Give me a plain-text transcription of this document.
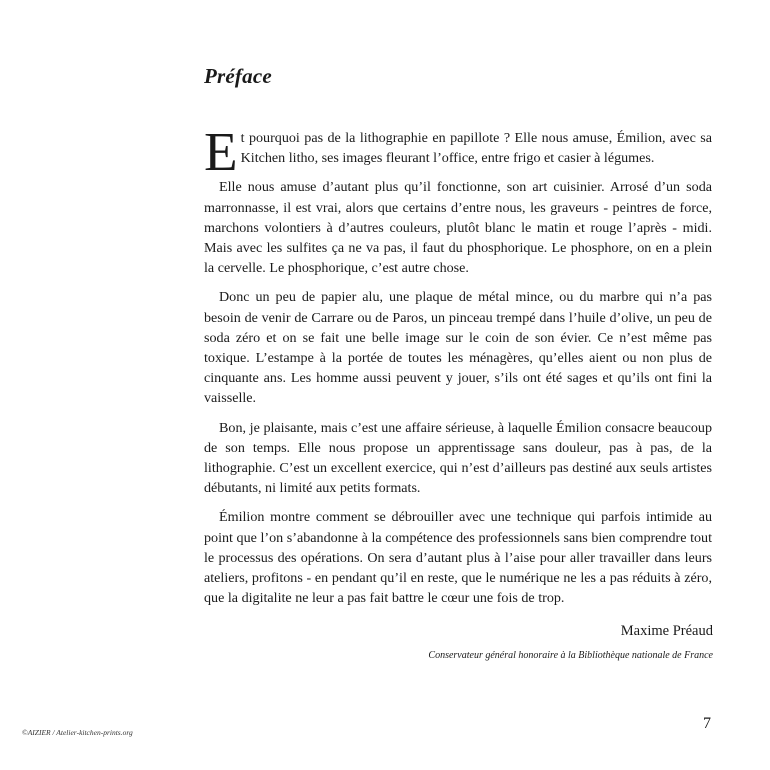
Préface

Et pourquoi pas de la lithographie en papillote ? Elle nous amuse, Émilion, avec sa Kitchen litho, ses images fleurant l’office, entre frigo et casier à légumes.

Elle nous amuse d’autant plus qu’il fonctionne, son art cuisinier. Arrosé d’un soda marronnasse, il est vrai, alors que certains d’entre nous, les graveurs - peintres de force, marchons volontiers à d’autres couleurs, plutôt blanc le matin et rouge l’après - midi. Mais avec les sulfites ça ne va pas, il faut du phosphorique. Le phosphore, on en a plein la cervelle. Le phosphorique, c’est autre chose.

Donc un peu de papier alu, une plaque de métal mince, ou du marbre qui n’a pas besoin de venir de Carrare ou de Paros, un pinceau trempé dans l’huile d’olive, un peu de soda zéro et on se fait une belle image sur le coin de son évier. Ce n’est même pas toxique. L’estampe à la portée de toutes les ménagères, qu’elles aient ou non plus de cinquante ans. Les homme aussi peuvent y jouer, s’ils ont été sages et qu’ils ont fini la vaisselle.

Bon, je plaisante, mais c’est une affaire sérieuse, à laquelle Émilion consacre beaucoup de son temps. Elle nous propose un apprentissage sans douleur, pas à pas, de la lithographie. C’est un excellent exercice, qui n’est d’ailleurs pas destiné aux seuls artistes débutants, ni limité aux petits formats.

Émilion montre comment se débrouiller avec une technique qui parfois intimide au point que l’on s’abandonne à la compétence des professionnels sans bien comprendre tout le processus des opérations. On sera d’autant plus à l’aise pour aller travailler dans leurs ateliers, profitons - en pendant qu’il en reste, que le numérique ne les a pas réduits à zéro, que la digitalite ne leur a pas fait battre le cœur une fois de trop.

Maxime Préaud

Conservateur général honoraire à la Bibliothèque nationale de France

©AIZIER / Atelier-kitchen-prints.org
7
